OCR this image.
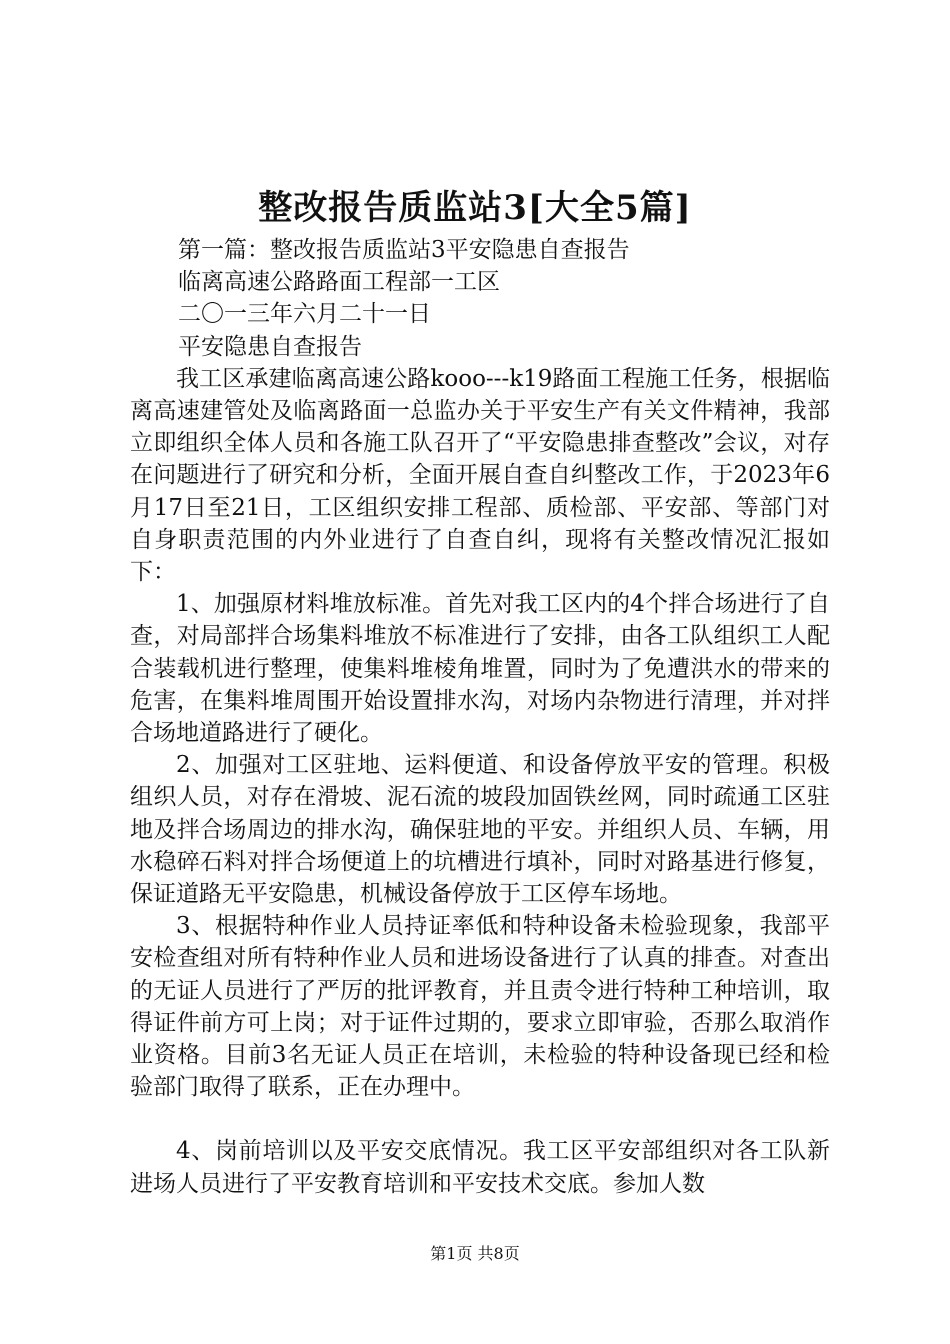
整改报告质监站3[大全5篇]
第一篇：整改报告质监站3平安隐患自查报告
临离高速公路路面工程部一工区
二〇一三年六月二十一日
平安隐患自查报告

我工区承建临离高速公路kooo---k19路面工程施工任务，根据临离高速建管处及临离路面一总监办关于平安生产有关文件精神，我部立即组织全体人员和各施工队召开了“平安隐患排查整改”会议，对存在问题进行了研究和分析，全面开展自查自纠整改工作，于2023年6月17日至21日，工区组织安排工程部、质检部、平安部、等部门对自身职责范围的内外业进行了自查自纠，现将有关整改情况汇报如下：

1、加强原材料堆放标准。首先对我工区内的4个拌合场进行了自查，对局部拌合场集料堆放不标准进行了安排，由各工队组织工人配合装载机进行整理，使集料堆棱角堆置，同时为了免遭洪水的带来的危害，在集料堆周围开始设置排水沟，对场内杂物进行清理，并对拌合场地道路进行了硬化。

2、加强对工区驻地、运料便道、和设备停放平安的管理。积极组织人员，对存在滑坡、泥石流的坡段加固铁丝网，同时疏通工区驻地及拌合场周边的排水沟，确保驻地的平安。并组织人员、车辆，用水稳碎石料对拌合场便道上的坑槽进行填补，同时对路基进行修复，保证道路无平安隐患，机械设备停放于工区停车场地。

3、根据特种作业人员持证率低和特种设备未检验现象，我部平安检查组对所有特种作业人员和进场设备进行了认真的排查。对查出的无证人员进行了严厉的批评教育，并且责令进行特种工种培训，取得证件前方可上岗；对于证件过期的，要求立即审验，否那么取消作业资格。目前3名无证人员正在培训，未检验的特种设备现已经和检验部门取得了联系，正在办理中。

4、岗前培训以及平安交底情况。我工区平安部组织对各工队新进场人员进行了平安教育培训和平安技术交底。参加人数

第1页 共8页
